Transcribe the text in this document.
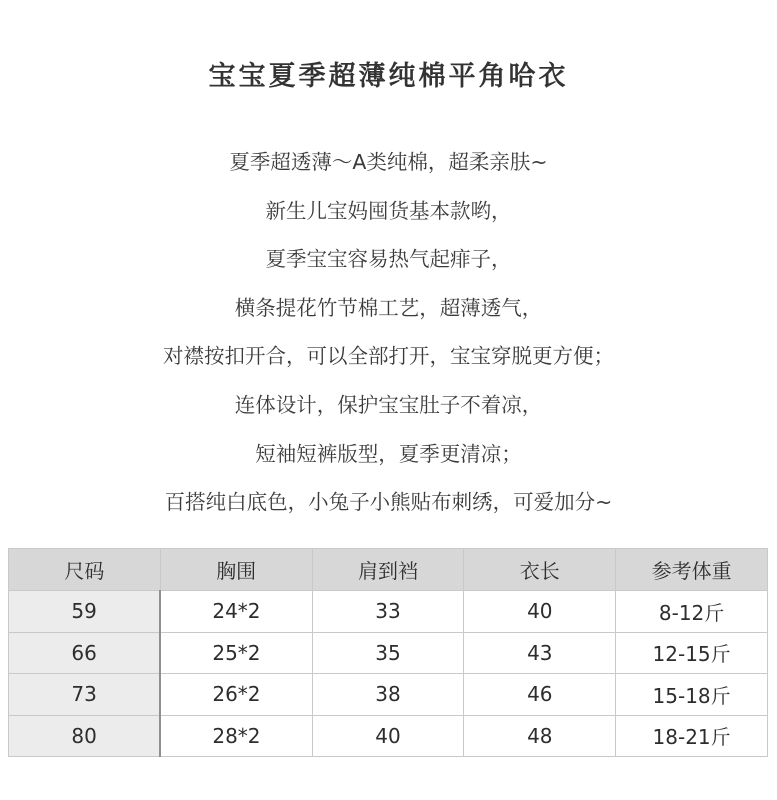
宝宝夏季超薄纯棉平角哈衣
夏季超透薄～A类纯棉，超柔亲肤~
新生儿宝妈囤货基本款哟，
夏季宝宝容易热气起痱子，
横条提花竹节棉工艺，超薄透气，
对襟按扣开合，可以全部打开，宝宝穿脱更方便；
连体设计，保护宝宝肚子不着凉，
短袖短裤版型，夏季更清凉；
百搭纯白底色，小兔子小熊贴布刺绣，可爱加分~
尺码	胸围	肩到裆	衣长	参考体重
59	24*2	33	40	8-12斤
66	25*2	35	43	12-15斤
73	26*2	38	46	15-18斤
80	28*2	40	48	18-21斤
